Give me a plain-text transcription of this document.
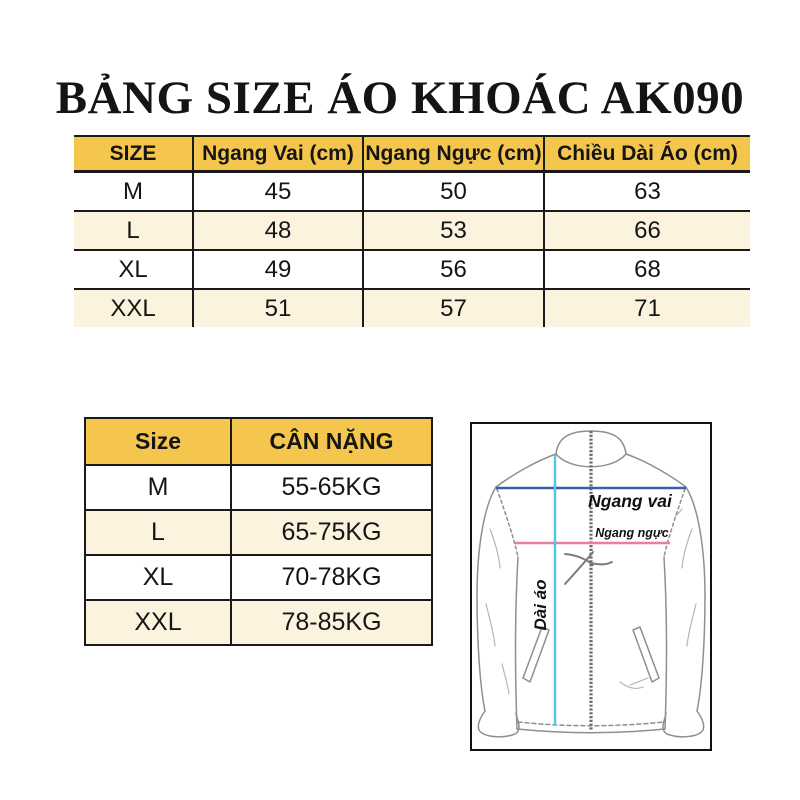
BẢNG SIZE ÁO KHOÁC AK090
SIZE	Ngang Vai (cm)	Ngang Ngực (cm)	Chiều Dài Áo (cm)
M	45	50	63
L	48	53	66
XL	49	56	68
XXL	51	57	71
Size	CÂN NẶNG
M	55-65KG
L	65-75KG
XL	70-78KG
XXL	78-85KG
Ngang vai
Ngang ngực
Dài áo
